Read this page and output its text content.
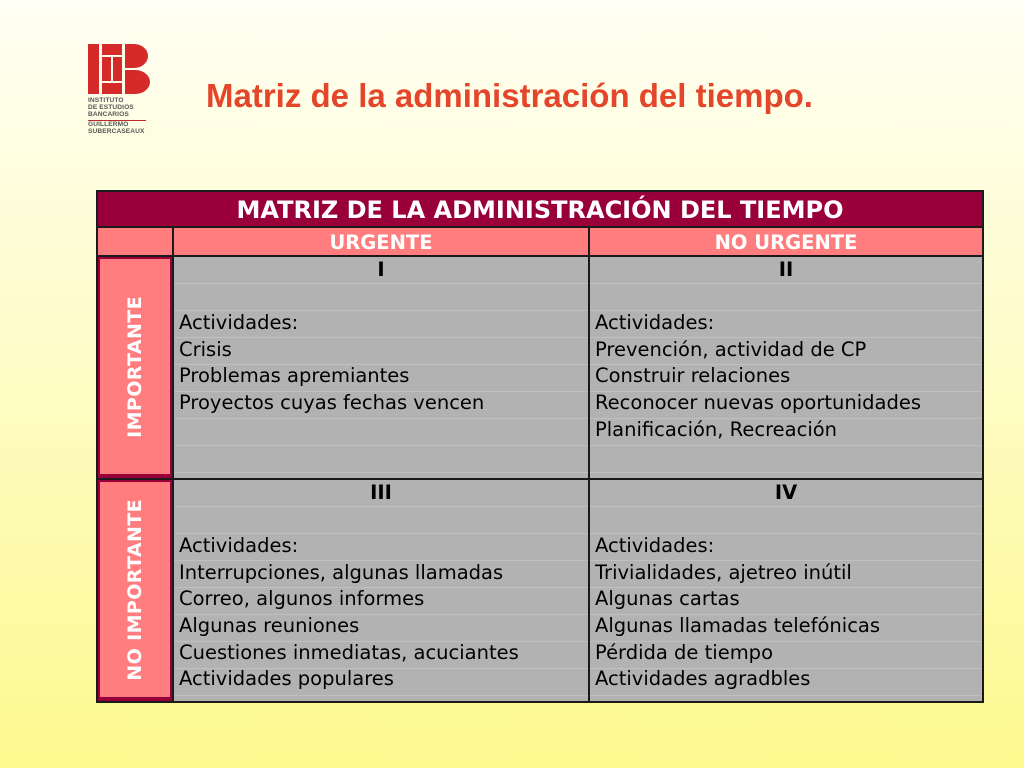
INSTITUTO
DE ESTUDIOS
BANCARIOS
GUILLERMO
SUBERCASEAUX
Matriz de la administración del tiempo.
MATRIZ DE LA ADMINISTRACIÓN DEL TIEMPO
URGENTE	NO URGENTE
IMPORTANTE
NO IMPORTANTE
I
Actividades:
Crisis
Problemas apremiantes
Proyectos cuyas fechas vencen
II
Actividades:
Prevención, actividad de CP
Construir relaciones
Reconocer nuevas oportunidades
Planificación, Recreación
III
Actividades:
Interrupciones, algunas llamadas
Correo, algunos informes
Algunas reuniones
Cuestiones inmediatas, acuciantes
Actividades populares
IV
Actividades:
Trivialidades, ajetreo inútil
Algunas cartas
Algunas llamadas telefónicas
Pérdida de tiempo
Actividades agradbles
